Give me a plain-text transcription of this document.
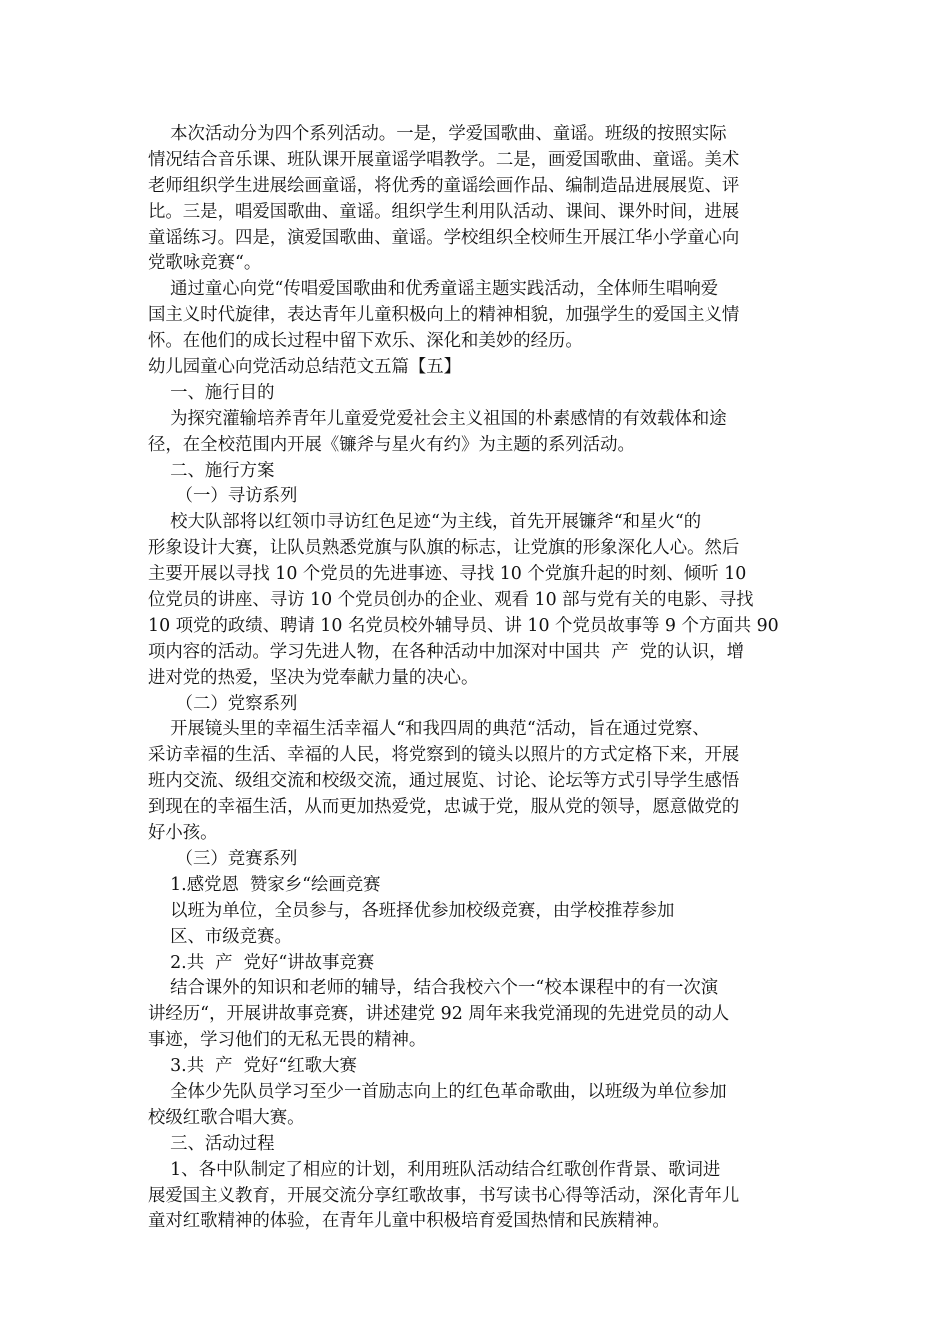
本次活动分为四个系列活动。一是，学爱国歌曲、童谣。班级的按照实际
情况结合音乐课、班队课开展童谣学唱教学。二是，画爱国歌曲、童谣。美术
老师组织学生进展绘画童谣，将优秀的童谣绘画作品、编制造品进展展览、评
比。三是，唱爱国歌曲、童谣。组织学生利用队活动、课间、课外时间，进展
童谣练习。四是，演爱国歌曲、童谣。学校组织全校师生开展江华小学童心向
党歌咏竞赛“。
通过童心向党“传唱爱国歌曲和优秀童谣主题实践活动，全体师生唱响爱
国主义时代旋律，表达青年儿童积极向上的精神相貌，加强学生的爱国主义情
怀。在他们的成长过程中留下欢乐、深化和美妙的经历。
幼儿园童心向党活动总结范文五篇【五】
一、施行目的
为探究灌输培养青年儿童爱党爱社会主义祖国的朴素感情的有效载体和途
径，在全校范围内开展《镰斧与星火有约》为主题的系列活动。
二、施行方案
（一）寻访系列
校大队部将以红领巾寻访红色足迹“为主线，首先开展镰斧“和星火“的
形象设计大赛，让队员熟悉党旗与队旗的标志，让党旗的形象深化人心。然后
主要开展以寻找 10 个党员的先进事迹、寻找 10 个党旗升起的时刻、倾听 10
位党员的讲座、寻访 10 个党员创办的企业、观看 10 部与党有关的电影、寻找
10 项党的政绩、聘请 10 名党员校外辅导员、讲 10 个党员故事等 9 个方面共 90
项内容的活动。学习先进人物，在各种活动中加深对中国共  产  党的认识，增
进对党的热爱，坚决为党奉献力量的决心。
（二）党察系列
开展镜头里的幸福生活幸福人“和我四周的典范“活动，旨在通过党察、
采访幸福的生活、幸福的人民，将党察到的镜头以照片的方式定格下来，开展
班内交流、级组交流和校级交流，通过展览、讨论、论坛等方式引导学生感悟
到现在的幸福生活，从而更加热爱党，忠诚于党，服从党的领导，愿意做党的
好小孩。
（三）竞赛系列
1.感党恩  赞家乡“绘画竞赛
以班为单位，全员参与，各班择优参加校级竞赛，由学校推荐参加
区、市级竞赛。
2.共  产  党好“讲故事竞赛
结合课外的知识和老师的辅导，结合我校六个一“校本课程中的有一次演
讲经历“，开展讲故事竞赛，讲述建党 92 周年来我党涌现的先进党员的动人
事迹，学习他们的无私无畏的精神。
3.共  产  党好“红歌大赛
全体少先队员学习至少一首励志向上的红色革命歌曲，以班级为单位参加
校级红歌合唱大赛。
三、活动过程
1、各中队制定了相应的计划，利用班队活动结合红歌创作背景、歌词进
展爱国主义教育，开展交流分享红歌故事，书写读书心得等活动，深化青年儿
童对红歌精神的体验，在青年儿童中积极培育爱国热情和民族精神。
